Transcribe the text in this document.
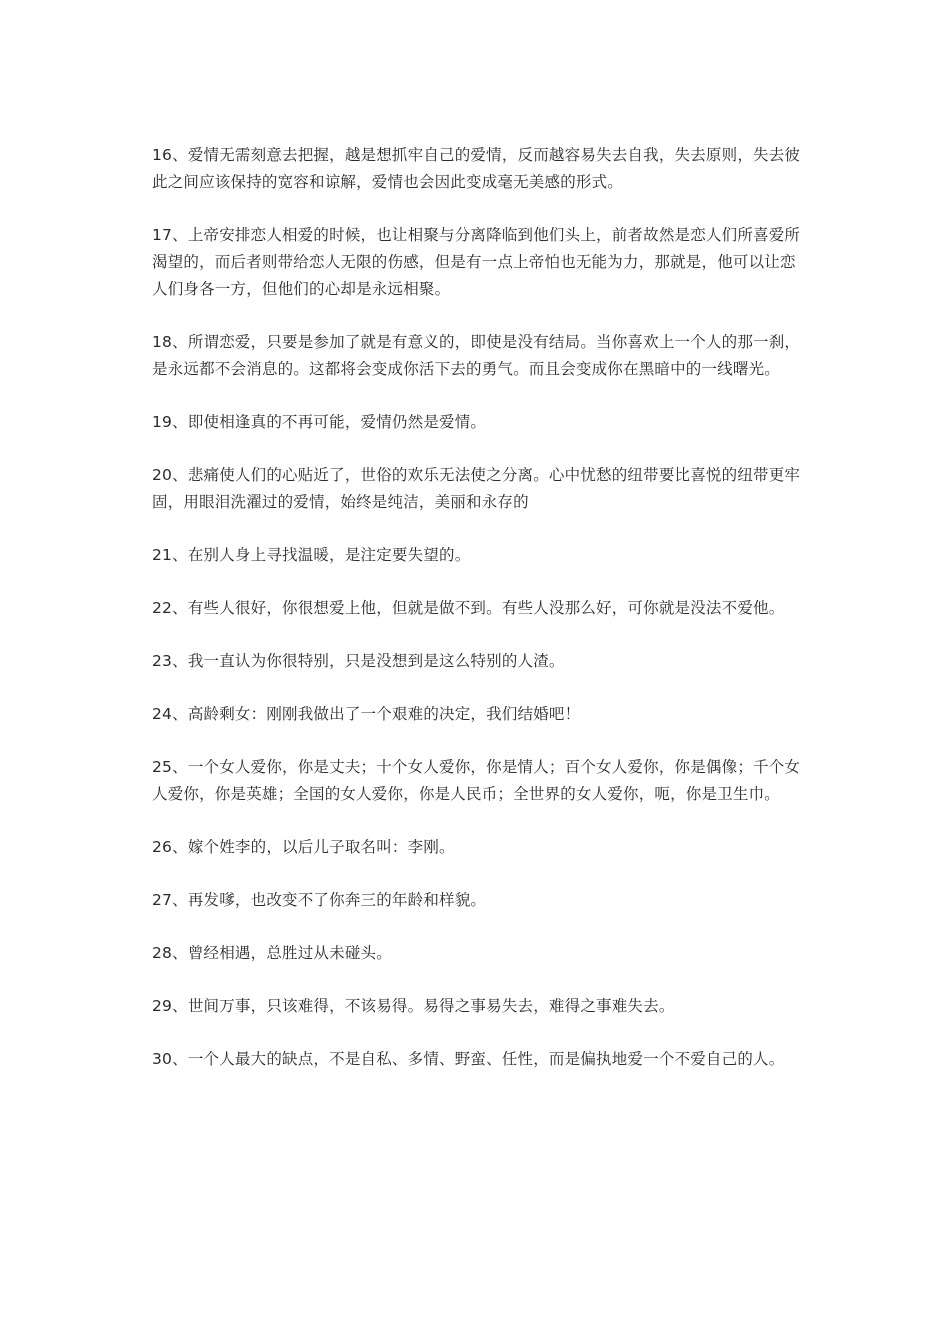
16、爱情无需刻意去把握，越是想抓牢自己的爱情，反而越容易失去自我，失去原则，失去彼此之间应该保持的宽容和谅解，爱情也会因此变成毫无美感的形式。

17、上帝安排恋人相爱的时候，也让相聚与分离降临到他们头上，前者故然是恋人们所喜爱所渴望的，而后者则带给恋人无限的伤感，但是有一点上帝怕也无能为力，那就是，他可以让恋人们身各一方，但他们的心却是永远相聚。

18、所谓恋爱，只要是参加了就是有意义的，即使是没有结局。当你喜欢上一个人的那一刹，是永远都不会消息的。这都将会变成你活下去的勇气。而且会变成你在黑暗中的一线曙光。

19、即使相逢真的不再可能，爱情仍然是爱情。

20、悲痛使人们的心贴近了，世俗的欢乐无法使之分离。心中忧愁的纽带要比喜悦的纽带更牢固，用眼泪洗濯过的爱情，始终是纯洁，美丽和永存的

21、在别人身上寻找温暖，是注定要失望的。

22、有些人很好，你很想爱上他，但就是做不到。有些人没那么好，可你就是没法不爱他。

23、我一直认为你很特别，只是没想到是这么特别的人渣。

24、高龄剩女：刚刚我做出了一个艰难的决定，我们结婚吧！

25、一个女人爱你，你是丈夫；十个女人爱你，你是情人；百个女人爱你，你是偶像；千个女人爱你，你是英雄；全国的女人爱你，你是人民币；全世界的女人爱你，呃，你是卫生巾。

26、嫁个姓李的，以后儿子取名叫：李刚。

27、再发嗲，也改变不了你奔三的年龄和样貌。

28、曾经相遇，总胜过从未碰头。

29、世间万事，只该难得，不该易得。易得之事易失去，难得之事难失去。

30、一个人最大的缺点，不是自私、多情、野蛮、任性，而是偏执地爱一个不爱自己的人。
